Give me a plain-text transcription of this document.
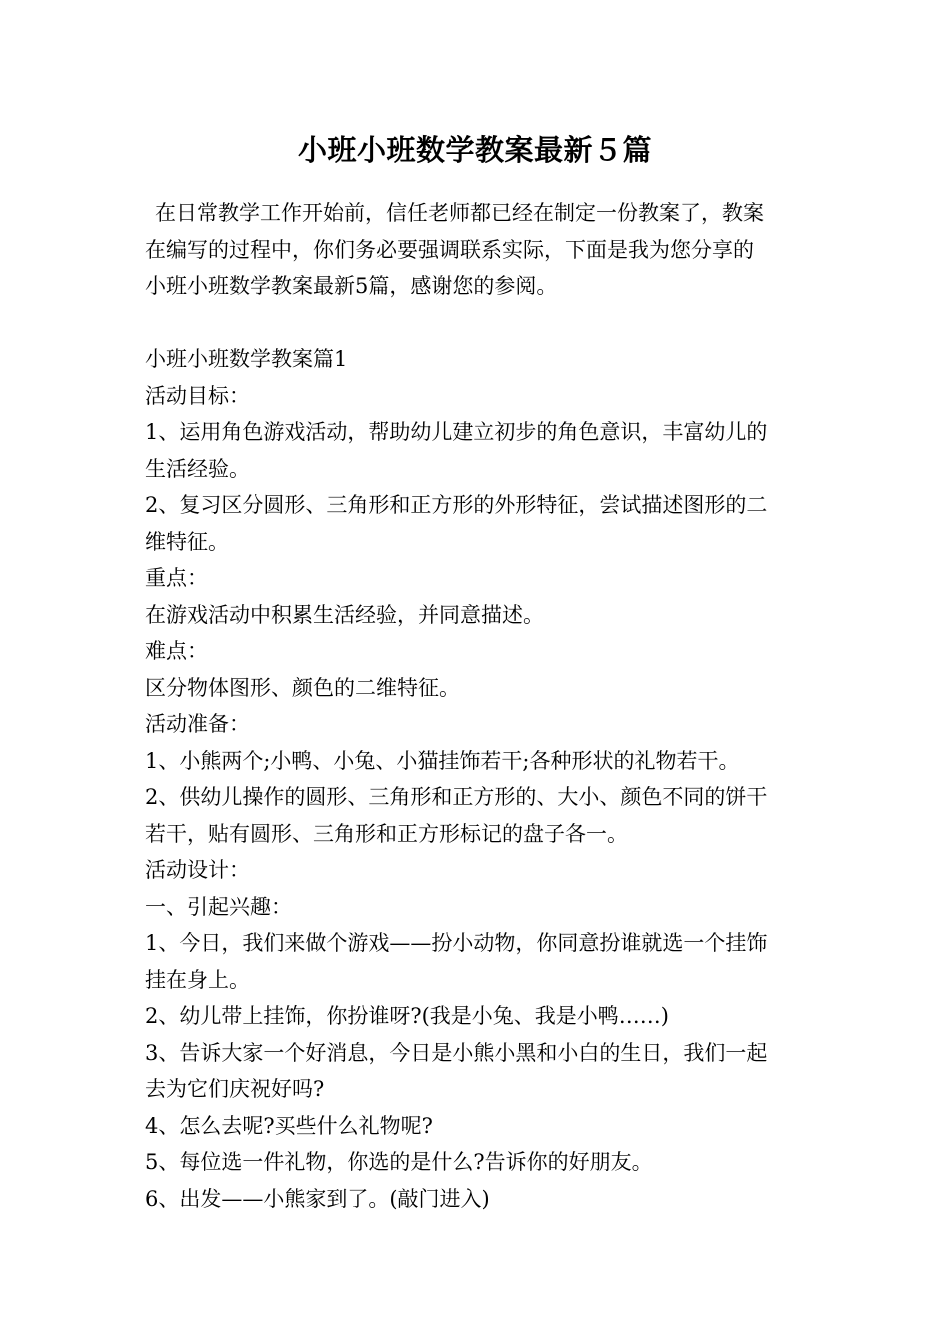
小班小班数学教案最新５篇
在日常教学工作开始前，信任老师都已经在制定一份教案了，教案
在编写的过程中，你们务必要强调联系实际，下面是我为您分享的
小班小班数学教案最新5篇，感谢您的参阅。
小班小班数学教案篇1
活动目标：
1、运用角色游戏活动，帮助幼儿建立初步的角色意识，丰富幼儿的
生活经验。
2、复习区分圆形、三角形和正方形的外形特征，尝试描述图形的二
维特征。
重点：
在游戏活动中积累生活经验，并同意描述。
难点：
区分物体图形、颜色的二维特征。
活动准备：
1、小熊两个;小鸭、小兔、小猫挂饰若干;各种形状的礼物若干。
2、供幼儿操作的圆形、三角形和正方形的、大小、颜色不同的饼干
若干，贴有圆形、三角形和正方形标记的盘子各一。
活动设计：
一、引起兴趣：
1、今日，我们来做个游戏——扮小动物，你同意扮谁就选一个挂饰
挂在身上。
2、幼儿带上挂饰，你扮谁呀?(我是小兔、我是小鸭……)
3、告诉大家一个好消息，今日是小熊小黑和小白的生日，我们一起
去为它们庆祝好吗?
4、怎么去呢?买些什么礼物呢?
5、每位选一件礼物，你选的是什么?告诉你的好朋友。
6、出发——小熊家到了。(敲门进入)
